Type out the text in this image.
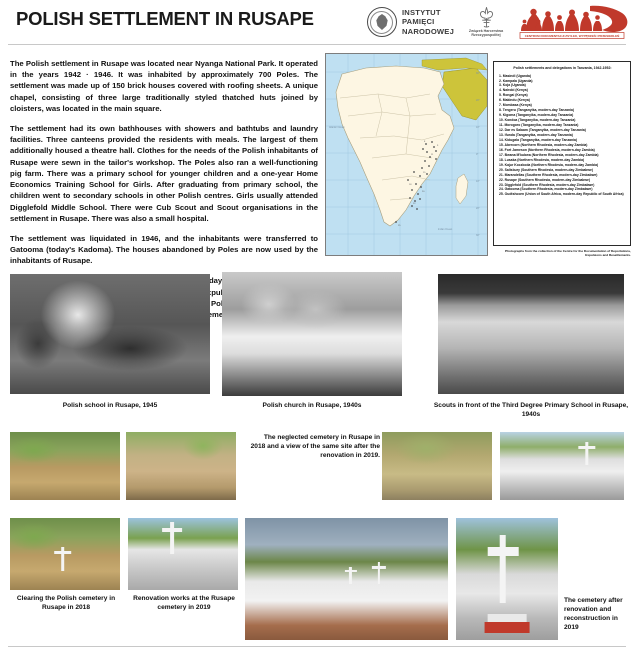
POLISH SETTLEMENT IN RUSAPE	INSTYTUT
PAMIĘCI
NARODOWEJ	Związek Harcerstwa Rzeczypospolitej	CENTRUM DOKUMENTACJI ZSYŁEK, WYPĘDZEŃ I PRZESIEDLEŃ

The Polish settlement in Rusape was located near Nyanga National Park. It operated in the years 1942 · 1946. It was inhabited by approximately 700 Poles. The settlement was made up of 150 brick houses covered with roofing sheets. A unique chapel, consisting of three large traditionally styled thatched huts joined by cloisters, was located in the main square.

The settlement had its own bathhouses with showers and bathtubs and laundry facilities. Three canteens provided the residents with meals. The largest of them additionally housed a theatre hall. Clothes for the needs of the Polish inhabitants of Rusape were sewn in the tailor's workshop. The Poles also ran a well-functioning pig farm. There was a primary school for younger children and a one-year Home Economics Training School for Girls. After graduating from primary school, the children went to secondary schools in other Polish centres. Girls usually attended Digglefold Middle School. There were Cub Scout and Scout organisations in the settlement in Rusape. There was also a small hospital.

The settlement was liquidated in 1946, and the inhabitants were transferred to Gatooma (today's Kadoma). The houses abandoned by Poles are now used by the inhabitants of Rusape.

today.

8
9
11
15
18
20
22
25
30°
20°
10°
0°
10°
20°
30°
Atlantic Ocean
Indian Ocean
Polish settlements and delegations in Tanzania, 1942-1952:
1. Masindi (Uganda)
2. Kampala (Uganda)
3. Koja (Uganda)
4. Nairobi (Kenya)
5. Rongai (Kenya)
6. Makindu (Kenya)
7. Mombasa (Kenya)
8. Tengeru (Tanganyika, modern-day Tanzania)
9. Kigoma (Tanganyika, modern-day Tanzania)
10. Kondoa (Tanganyika, modern-day Tanzania)
11. Morogoro (Tanganyika, modern-day Tanzania)
12. Dar es Salaam (Tanganyika, modern-day Tanzania)
13. Ifunda (Tanganyika, modern-day Tanzania)
14. Kidugala (Tanganyika, modern-day Tanzania)
15. Abercorn (Northern Rhodesia, modern-day Zambia)
16. Fort Jameson (Northern Rhodesia, modern-day Zambia)
17. Bwana M'kubwa (Northern Rhodesia, modern-day Zambia)
18. Lusaka (Northern Rhodesia, modern-day Zambia)
19. Kajur Koczkoda (Northern Rhodesia, modern-day Zambia)
20. Salisbury (Southern Rhodesia, modern-day Zimbabwe)
21. Marandellas (Southern Rhodesia, modern-day Zimbabwe)
22. Rusape (Southern Rhodesia, modern-day Zimbabwe)
23. Digglefold (Southern Rhodesia, modern-day Zimbabwe)
24. Gatooma (Southern Rhodesia, modern-day Zimbabwe)
25. Oudtshoorn (Union of South Africa, modern-day Republic of South Africa)
Photographs from the collection of the Centre for the Documentation of Deportations, Expulsions and Resettlements.
Polish school in Rusape, 1945	Polish church in Rusape, 1940s	Scouts in front of the Third Degree Primary School in Rusape, 1940s
The neglected cemetery in Rusape in 2018 and a view of the same site after the renovation in 2019.
Clearing the Polish cemetery in Rusape in 2018
Renovation works at the Rusape cemetery in 2019
The cemetery after renovation and reconstruction in 2019
